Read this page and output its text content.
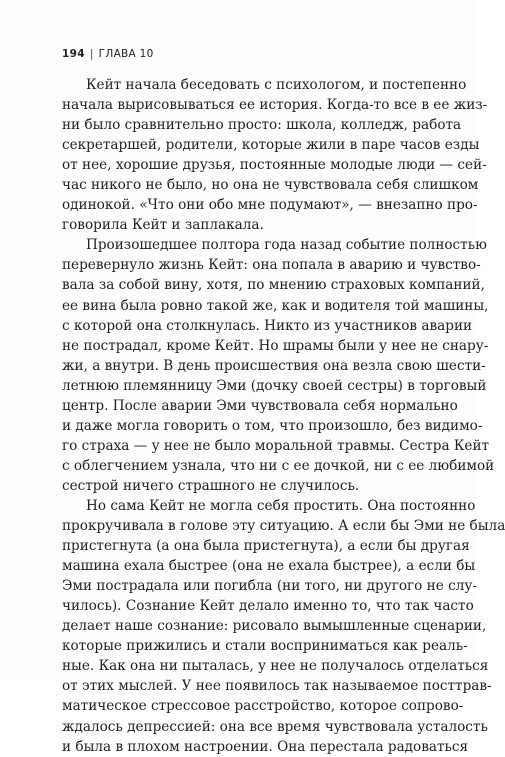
194 | ГЛАВА 10
Кейт начала беседовать с психологом, и постепенно
начала вырисовываться ее история. Когда-то все в ее жиз-
ни было сравнительно просто: школа, колледж, работа
секретаршей, родители, которые жили в паре часов езды
от нее, хорошие друзья, постоянные молодые люди — сей-
час никого не было, но она не чувствовала себя слишком
одинокой. «Что они обо мне подумают», — внезапно про-
говорила Кейт и заплакала.
Произошедшее полтора года назад событие полностью
перевернуло жизнь Кейт: она попала в аварию и чувство-
вала за собой вину, хотя, по мнению страховых компаний,
ее вина была ровно такой же, как и водителя той машины,
с которой она столкнулась. Никто из участников аварии
не пострадал, кроме Кейт. Но шрамы были у нее не снару-
жи, а внутри. В день происшествия она везла свою шести-
летнюю племянницу Эми (дочку своей сестры) в торговый
центр. После аварии Эми чувствовала себя нормально
и даже могла говорить о том, что произошло, без видимо-
го страха — у нее не было моральной травмы. Сестра Кейт
с облегчением узнала, что ни с ее дочкой, ни с ее любимой
сестрой ничего страшного не случилось.
Но сама Кейт не могла себя простить. Она постоянно
прокручивала в голове эту ситуацию. А если бы Эми не была
пристегнута (а она была пристегнута), а если бы другая
машина ехала быстрее (она не ехала быстрее), а если бы
Эми пострадала или погибла (ни того, ни другого не слу-
чилось). Сознание Кейт делало именно то, что так часто
делает наше сознание: рисовало вымышленные сценарии,
которые прижились и стали восприниматься как реаль-
ные. Как она ни пыталась, у нее не получалось отделаться
от этих мыслей. У нее появилось так называемое посттрав-
матическое стрессовое расстройство, которое сопрово-
ждалось депрессией: она все время чувствовала усталость
и была в плохом настроении. Она перестала радоваться
